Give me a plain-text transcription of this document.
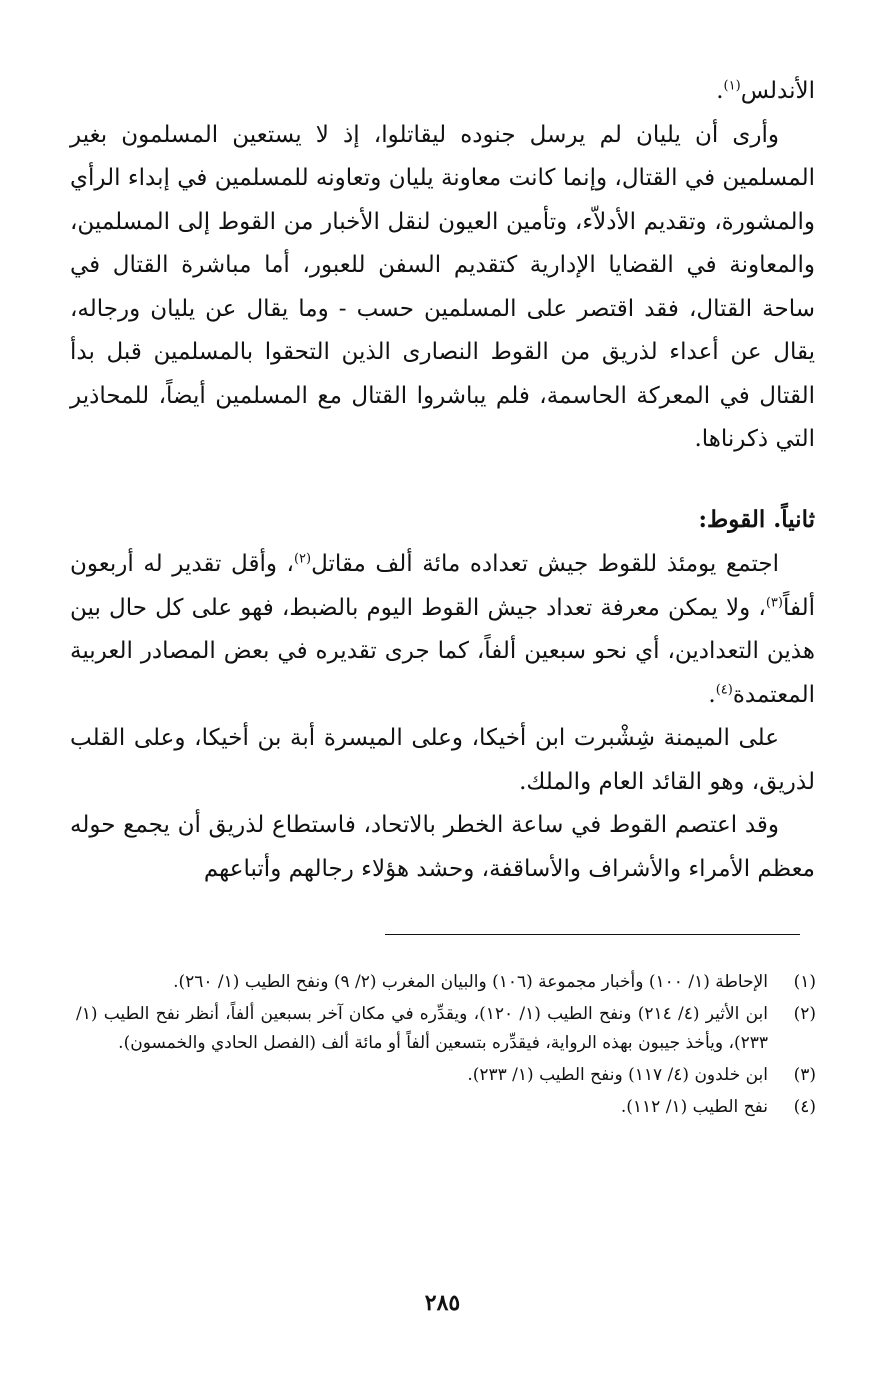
الأندلس$^{(١)}$.

وأرى أن يليان لم يرسل جنوده ليقاتلوا، إذ لا يستعين المسلمون بغير المسلمين في القتال، وإنما كانت معاونة يليان وتعاونه للمسلمين في إبداء الرأي والمشورة، وتقديم الأدلاّء، وتأمين العيون لنقل الأخبار من القوط إلى المسلمين، والمعاونة في القضايا الإدارية كتقديم السفن للعبور، أما مباشرة القتال في ساحة القتال، فقد اقتصر على المسلمين حسب - وما يقال عن يليان ورجاله، يقال عن أعداء لذريق من القوط النصارى الذين التحقوا بالمسلمين قبل بدأ القتال في المعركة الحاسمة، فلم يباشروا القتال مع المسلمين أيضاً، للمحاذير التي ذكرناها.

ثانياً. القوط:

اجتمع يومئذ للقوط جيش تعداده مائة ألف مقاتل$^{(٢)}$، وأقل تقدير له أربعون ألفاً$^{(٣)}$، ولا يمكن معرفة تعداد جيش القوط اليوم بالضبط، فهو على كل حال بين هذين التعدادين، أي نحو سبعين ألفاً، كما جرى تقديره في بعض المصادر العربية المعتمدة$^{(٤)}$.

على الميمنة شِشْبرت ابن أخيكا، وعلى الميسرة أبة بن أخيكا، وعلى القلب لذريق، وهو القائد العام والملك.

وقد اعتصم القوط في ساعة الخطر بالاتحاد، فاستطاع لذريق أن يجمع حوله معظم الأمراء والأشراف والأساقفة، وحشد هؤلاء رجالهم وأتباعهم

(١)
الإحاطة (١/ ١٠٠) وأخبار مجموعة (١٠٦) والبيان المغرب (٢/ ٩) ونفح الطيب (١/ ٢٦٠).
(٢)
ابن الأثير (٤/ ٢١٤) ونفح الطيب (١/ ١٢٠)، ويقدِّره في مكان آخر بسبعين ألفاً، أنظر نفح الطيب (١/ ٢٣٣)، ويأخذ جيبون بهذه الرواية، فيقدِّره بتسعين ألفاً أو مائة ألف (الفصل الحادي والخمسون).
(٣)
ابن خلدون (٤/ ١١٧) ونفح الطيب (١/ ٢٣٣).
(٤)
نفح الطيب (١/ ١١٢).
٢٨٥
